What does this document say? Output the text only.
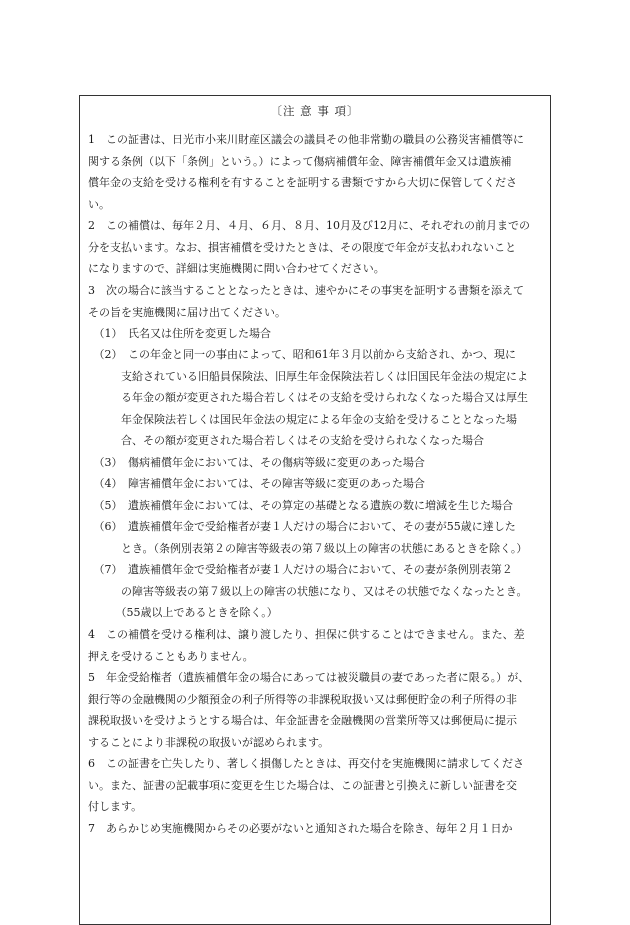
〔注 意 事 項〕
1　この証書は、日光市小来川財産区議会の議員その他非常勤の職員の公務災害補償等に
関する条例（以下「条例」という。）によって傷病補償年金、障害補償年金又は遺族補
償年金の支給を受ける権利を有することを証明する書類ですから大切に保管してくださ
い。
2　この補償は、毎年２月、４月、６月、８月、10月及び12月に、それぞれの前月までの
分を支払います。なお、損害補償を受けたときは、その限度で年金が支払われないこと
になりますので、詳細は実施機関に問い合わせてください。
3　次の場合に該当することとなったときは、速やかにその事実を証明する書類を添えて
その旨を実施機関に届け出てください。
　（1）　氏名又は住所を変更した場合
　（2）　この年金と同一の事由によって、昭和61年３月以前から支給され、かつ、現に
　　　支給されている旧船員保険法、旧厚生年金保険法若しくは旧国民年金法の規定によ
　　　る年金の額が変更された場合若しくはその支給を受けられなくなった場合又は厚生
　　　年金保険法若しくは国民年金法の規定による年金の支給を受けることとなった場
　　　合、その額が変更された場合若しくはその支給を受けられなくなった場合
　（3）　傷病補償年金においては、その傷病等級に変更のあった場合
　（4）　障害補償年金においては、その障害等級に変更のあった場合
　（5）　遺族補償年金においては、その算定の基礎となる遺族の数に増減を生じた場合
　（6）　遺族補償年金で受給権者が妻１人だけの場合において、その妻が55歳に達した
　　　とき。（条例別表第２の障害等級表の第７級以上の障害の状態にあるときを除く。）
　（7）　遺族補償年金で受給権者が妻１人だけの場合において、その妻が条例別表第２
　　　の障害等級表の第７級以上の障害の状態になり、又はその状態でなくなったとき。
　　　（55歳以上であるときを除く。）
4　この補償を受ける権利は、譲り渡したり、担保に供することはできません。また、差
押えを受けることもありません。
5　年金受給権者（遺族補償年金の場合にあっては被災職員の妻であった者に限る。）が、
銀行等の金融機関の少額預金の利子所得等の非課税取扱い又は郵便貯金の利子所得の非
課税取扱いを受けようとする場合は、年金証書を金融機関の営業所等又は郵便局に提示
することにより非課税の取扱いが認められます。
6　この証書を亡失したり、著しく損傷したときは、再交付を実施機関に請求してくださ
い。また、証書の記載事項に変更を生じた場合は、この証書と引換えに新しい証書を交
付します。
7　あらかじめ実施機関からその必要がないと通知された場合を除き、毎年２月１日か
